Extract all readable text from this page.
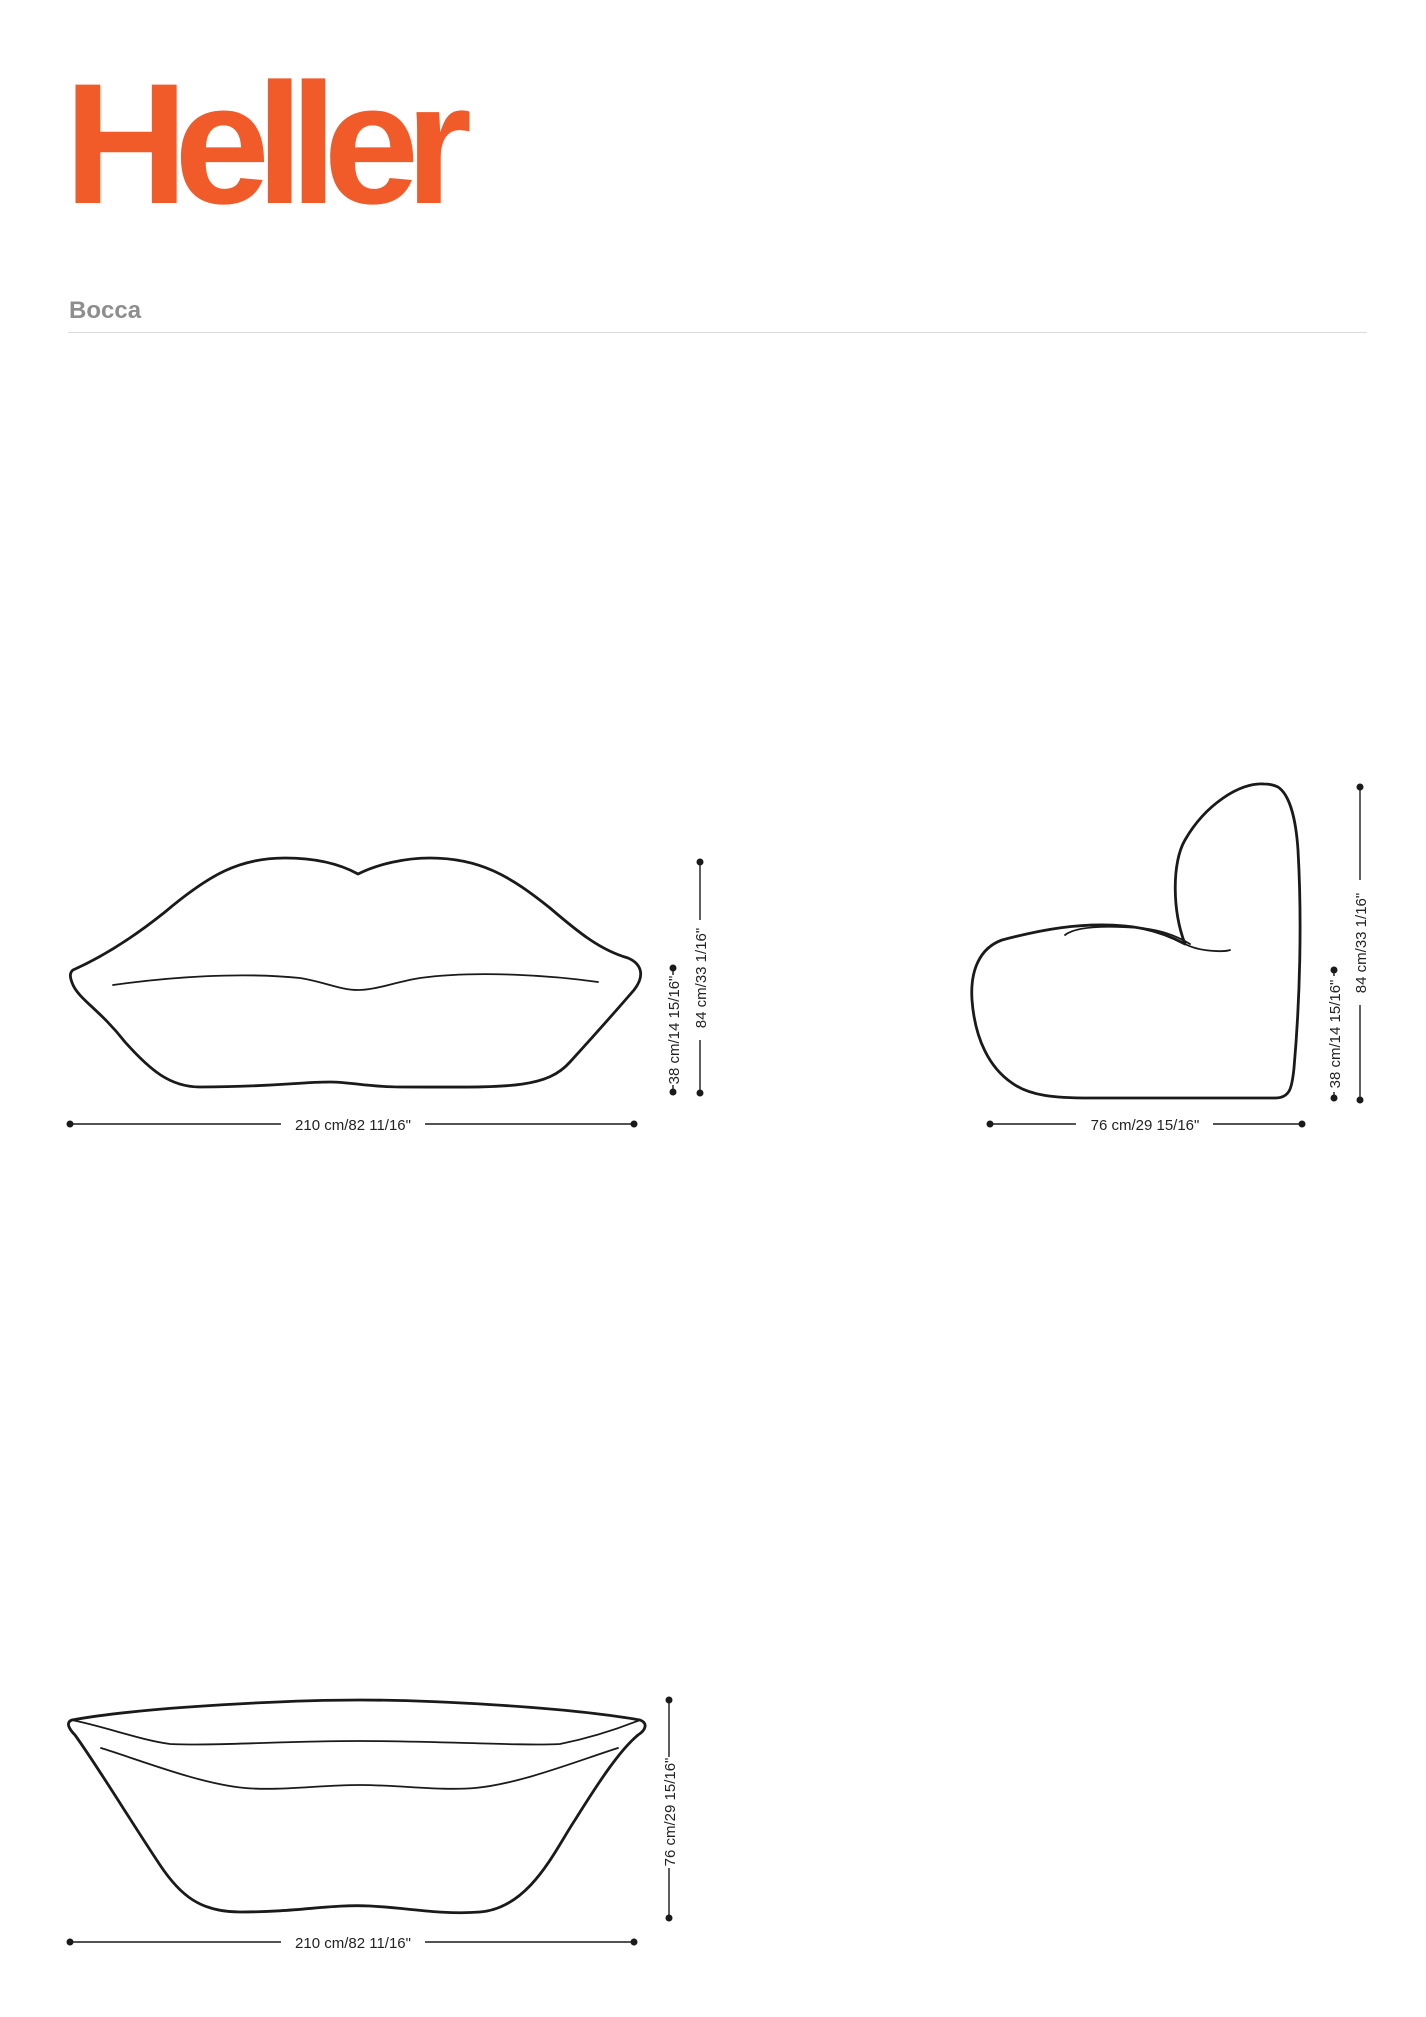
Heller
Bocca
210 cm/82 11/16"
38 cm/14 15/16" 84 cm/33 1/16"
76 cm/29 15/16"
38 cm/14 15/16"
84 cm/33 1/16"
210 cm/82 11/16"
76 cm/29 15/16"
